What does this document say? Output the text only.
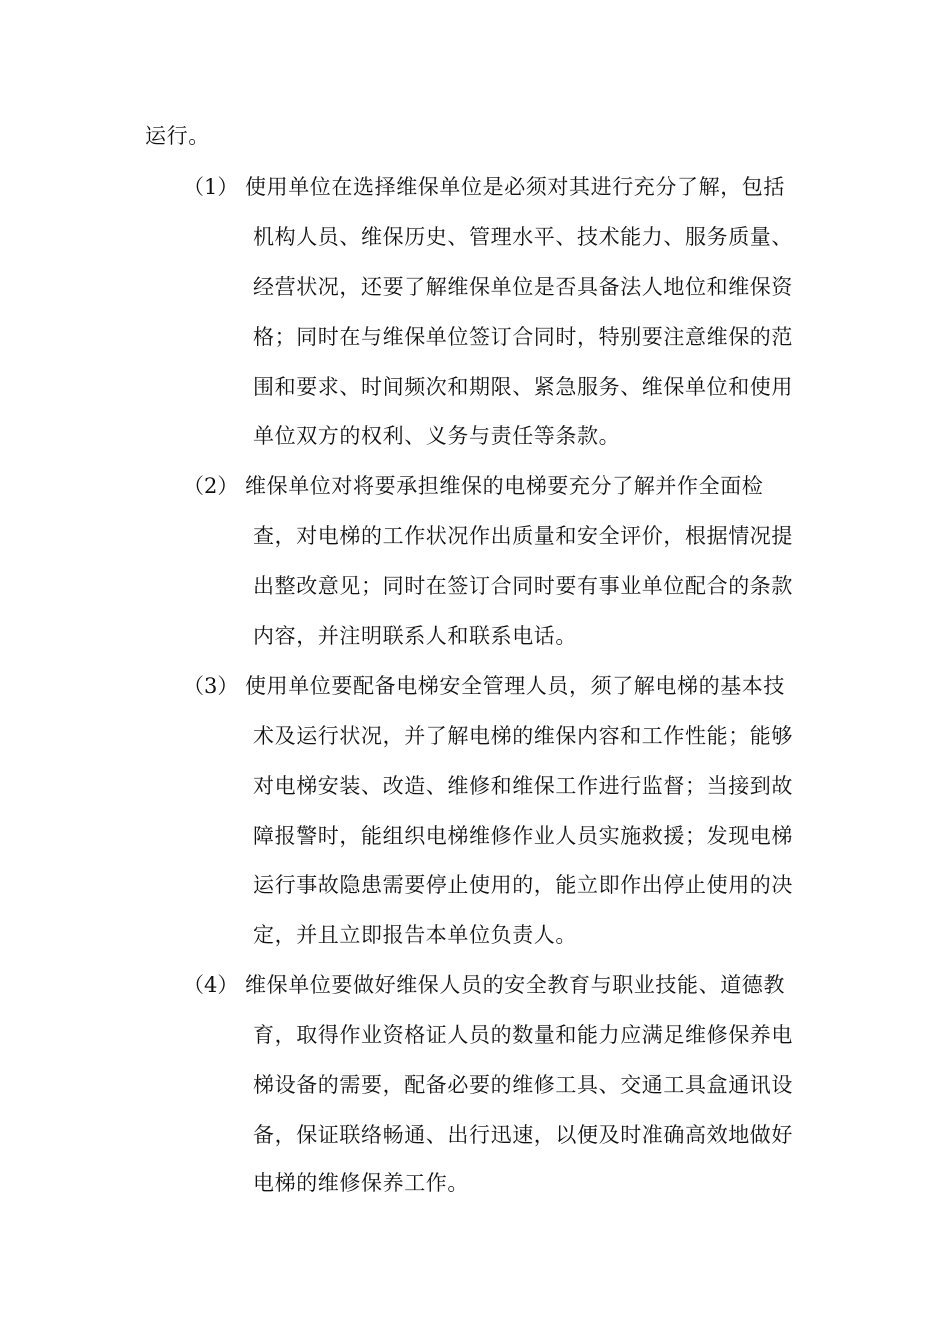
运行。
（1） 使用单位在选择维保单位是必须对其进行充分了解，包括
机构人员、维保历史、管理水平、技术能力、服务质量、
经营状况，还要了解维保单位是否具备法人地位和维保资
格；同时在与维保单位签订合同时，特别要注意维保的范
围和要求、时间频次和期限、紧急服务、维保单位和使用
单位双方的权利、义务与责任等条款。
（2） 维保单位对将要承担维保的电梯要充分了解并作全面检
查，对电梯的工作状况作出质量和安全评价，根据情况提
出整改意见；同时在签订合同时要有事业单位配合的条款
内容，并注明联系人和联系电话。
（3） 使用单位要配备电梯安全管理人员，须了解电梯的基本技
术及运行状况，并了解电梯的维保内容和工作性能；能够
对电梯安装、改造、维修和维保工作进行监督；当接到故
障报警时，能组织电梯维修作业人员实施救援；发现电梯
运行事故隐患需要停止使用的，能立即作出停止使用的决
定，并且立即报告本单位负责人。
（4） 维保单位要做好维保人员的安全教育与职业技能、道德教
育，取得作业资格证人员的数量和能力应满足维修保养电
梯设备的需要，配备必要的维修工具、交通工具盒通讯设
备，保证联络畅通、出行迅速，以便及时准确高效地做好
电梯的维修保养工作。
